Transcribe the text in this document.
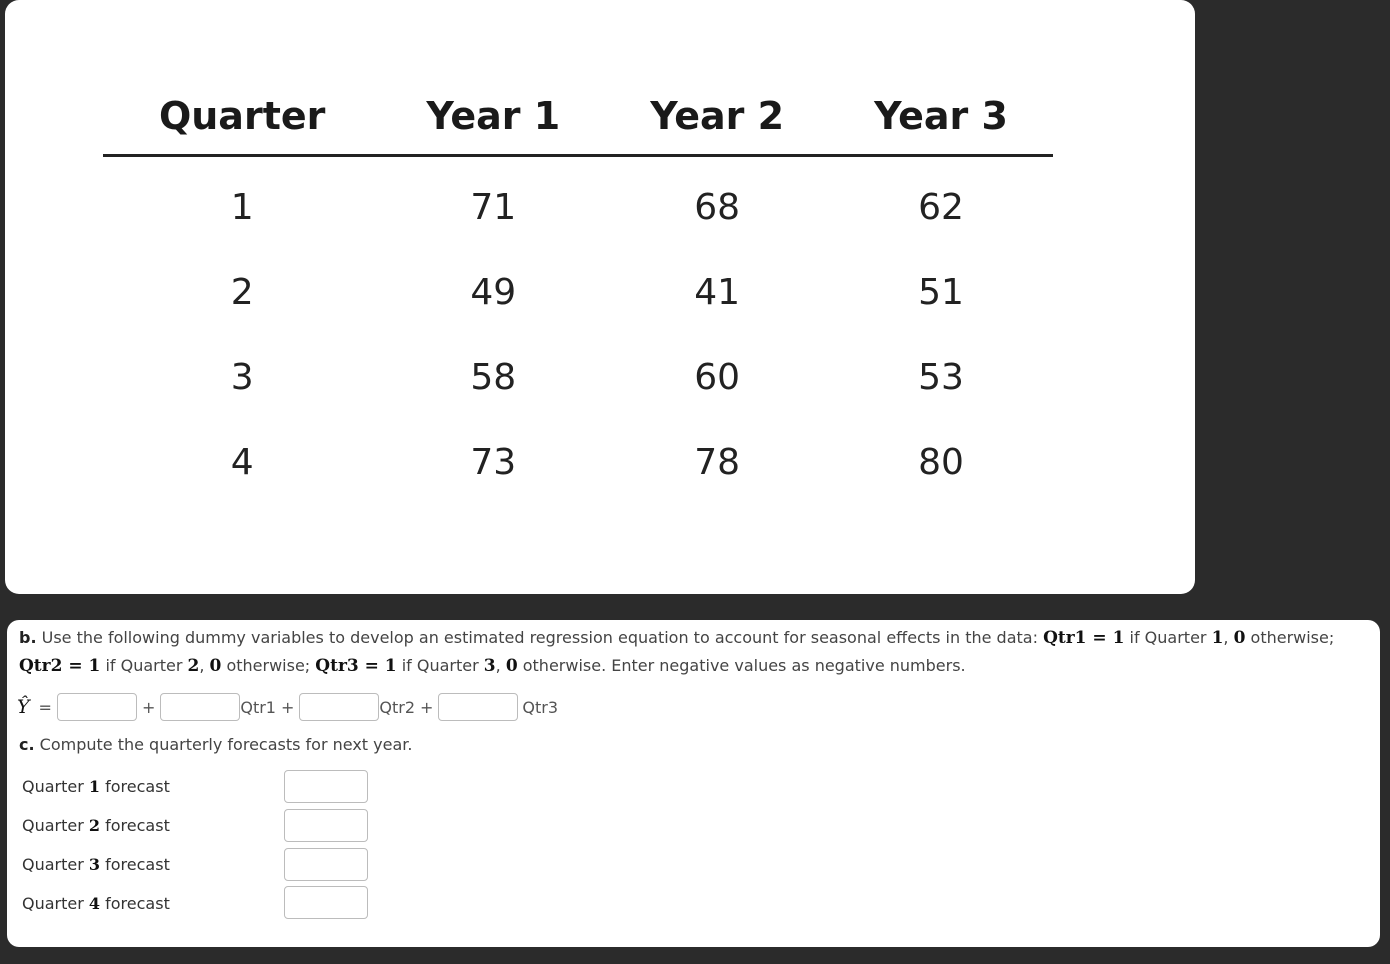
Quarter	Year 1	Year 2	Year 3

1	71	68	62
2	49	41	51
3	58	60	53
4	73	78	80
b. Use the following dummy variables to develop an estimated regression equation to account for seasonal effects in the data: Qtr1 = 1 if Quarter 1, 0 otherwise;
Qtr2 = 1 if Quarter 2, 0 otherwise; Qtr3 = 1 if Quarter 3, 0 otherwise. Enter negative values as negative numbers.
Ŷ =	+	Qtr1 +	Qtr2 +	Qtr3
c. Compute the quarterly forecasts for next year.
Quarter 1 forecast
Quarter 2 forecast
Quarter 3 forecast
Quarter 4 forecast
